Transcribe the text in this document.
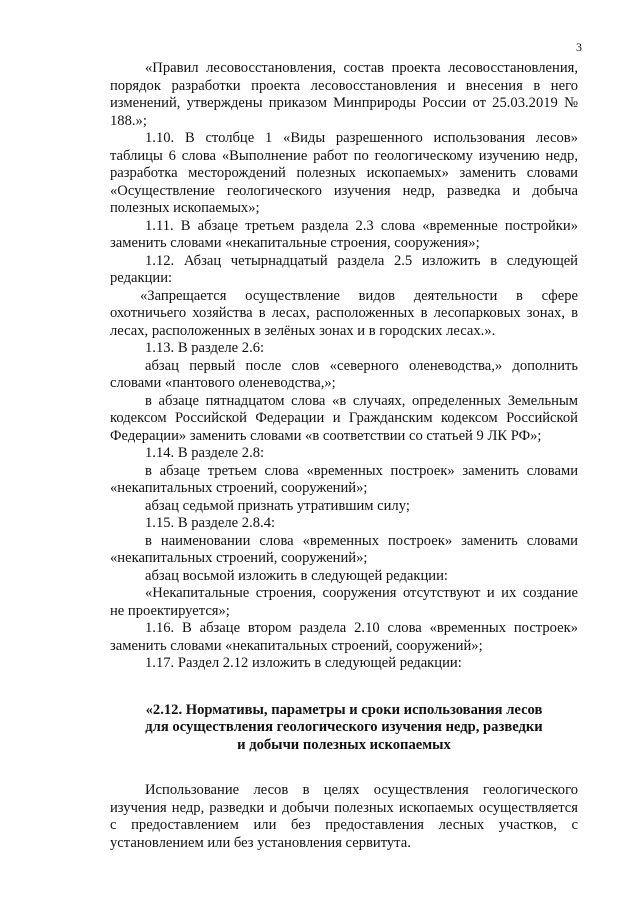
3

«Правил лесовосстановления, состав проекта лесовосстановления, порядок разработки проекта лесовосстановления и внесения в него изменений, утверждены приказом Минприроды России от 25.03.2019 № 188.»;

1.10. В столбце 1 «Виды разрешенного использования лесов» таблицы 6 слова «Выполнение работ по геологическому изучению недр, разработка месторождений полезных ископаемых» заменить словами «Осуществление геологического изучения недр, разведка и добыча полезных ископаемых»;

1.11. В абзаце третьем раздела 2.3 слова «временные постройки» заменить словами «некапитальные строения, сооружения»;

1.12. Абзац четырнадцатый раздела 2.5 изложить в следующей редакции:

«Запрещается осуществление видов деятельности в сфере охотничьего хозяйства в лесах, расположенных в лесопарковых зонах, в лесах, расположенных в зелёных зонах и в городских лесах.».

1.13. В разделе 2.6:

абзац первый после слов «северного оленеводства,» дополнить словами «пантового оленеводства,»;

в абзаце пятнадцатом слова «в случаях, определенных Земельным кодексом Российской Федерации и Гражданским кодексом Российской Федерации» заменить словами «в соответствии со статьей 9 ЛК РФ»;

1.14. В разделе 2.8:

в абзаце третьем слова «временных построек» заменить словами «некапитальных строений, сооружений»;

абзац седьмой признать утратившим силу;

1.15. В разделе 2.8.4:

в наименовании слова «временных построек» заменить словами «некапитальных строений, сооружений»;

абзац восьмой изложить в следующей редакции:

«Некапитальные строения, сооружения отсутствуют и их создание не проектируется»;

1.16. В абзаце втором раздела 2.10 слова «временных построек» заменить словами «некапитальных строений, сооружений»;

1.17. Раздел 2.12 изложить в следующей редакции:

«2.12. Нормативы, параметры и сроки использования лесов
для осуществления геологического изучения недр, разведки
и добычи полезных ископаемых

Использование лесов в целях осуществления геологического изучения недр, разведки и добычи полезных ископаемых осуществляется с предоставлением или без предоставления лесных участков, с установлением или без установления сервитута.
